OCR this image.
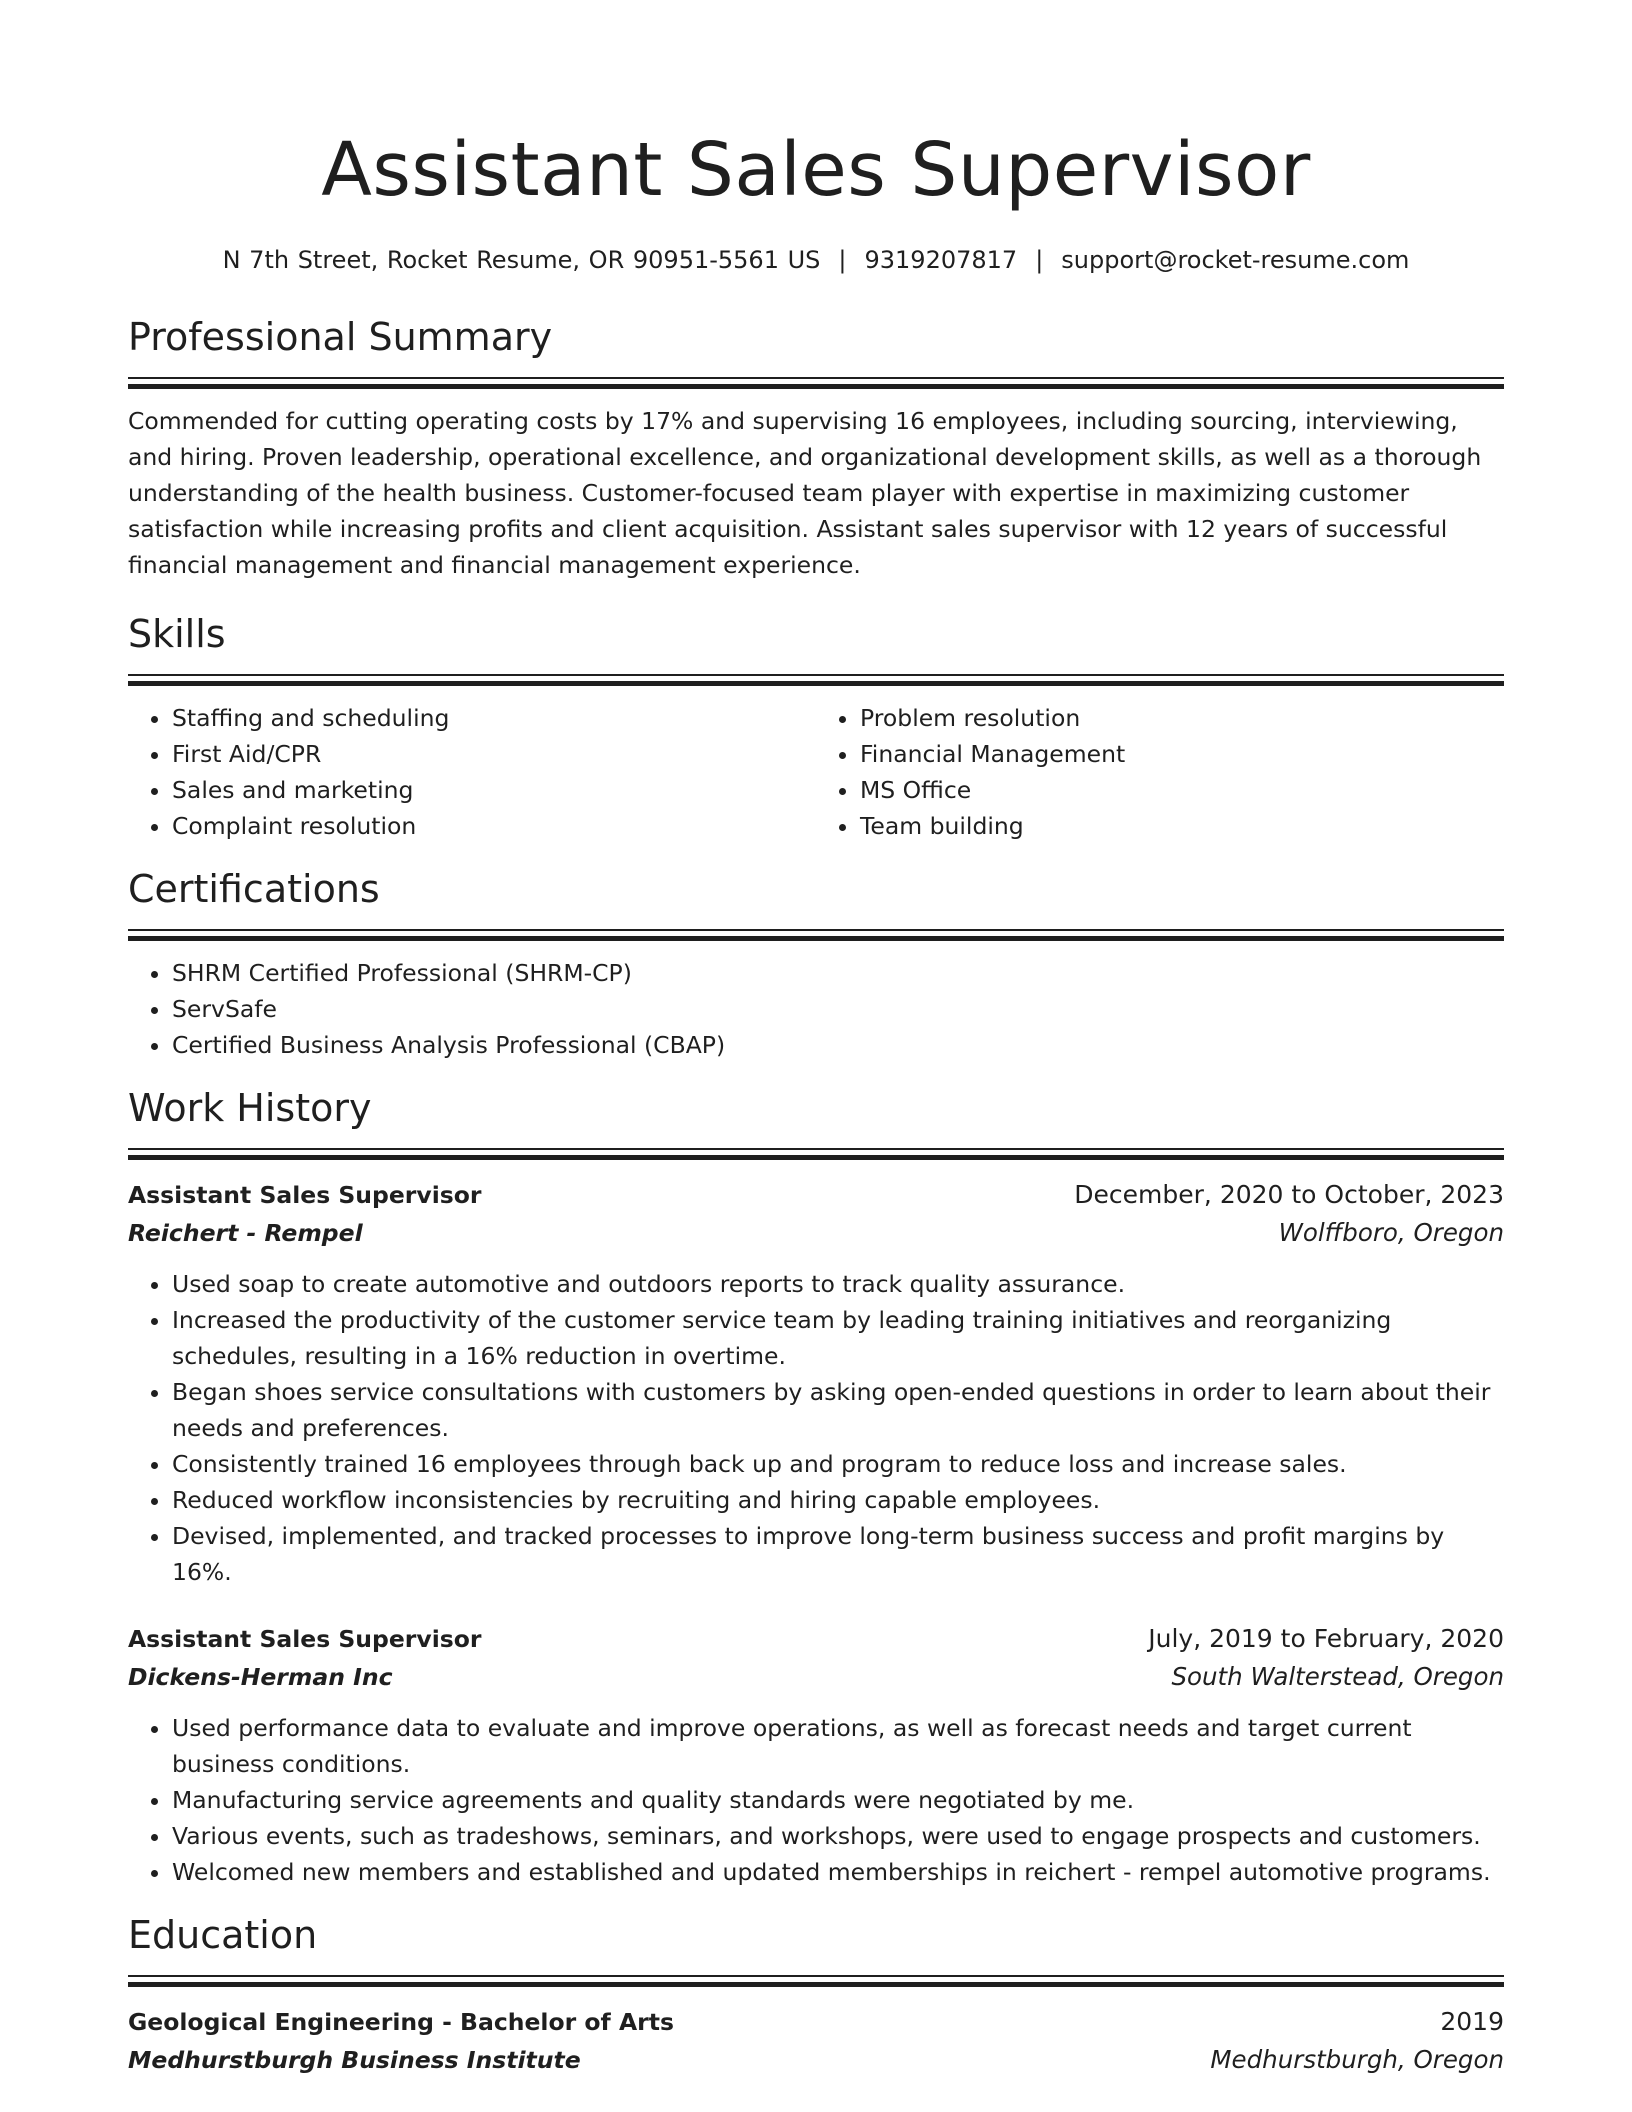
Assistant Sales Supervisor
N 7th Street, Rocket Resume, OR 90951-5561 US | 9319207817 | support@rocket-resume.com
Professional Summary
Commended for cutting operating costs by 17% and supervising 16 employees, including sourcing, interviewing, and hiring. Proven leadership, operational excellence, and organizational development skills, as well as a thorough understanding of the health business. Customer-focused team player with expertise in maximizing customer satisfaction while increasing profits and client acquisition. Assistant sales supervisor with 12 years of successful financial management and financial management experience.
Skills
• Staffing and scheduling
• First Aid/CPR
• Sales and marketing
• Complaint resolution
• Problem resolution
• Financial Management
• MS Office
• Team building
Certifications
• SHRM Certified Professional (SHRM-CP)
• ServSafe
• Certified Business Analysis Professional (CBAP)
Work History
Assistant Sales Supervisor	December, 2020 to October, 2023
Reichert - Rempel	Wolffboro, Oregon
• Used soap to create automotive and outdoors reports to track quality assurance.
• Increased the productivity of the customer service team by leading training initiatives and reorganizing schedules, resulting in a 16% reduction in overtime.
• Began shoes service consultations with customers by asking open-ended questions in order to learn about their needs and preferences.
• Consistently trained 16 employees through back up and program to reduce loss and increase sales.
• Reduced workflow inconsistencies by recruiting and hiring capable employees.
• Devised, implemented, and tracked processes to improve long-term business success and profit margins by 16%.
Assistant Sales Supervisor	July, 2019 to February, 2020
Dickens-Herman Inc	South Walterstead, Oregon
• Used performance data to evaluate and improve operations, as well as forecast needs and target current business conditions.
• Manufacturing service agreements and quality standards were negotiated by me.
• Various events, such as tradeshows, seminars, and workshops, were used to engage prospects and customers.
• Welcomed new members and established and updated memberships in reichert - rempel automotive programs.
Education
Geological Engineering - Bachelor of Arts	2019
Medhurstburgh Business Institute	Medhurstburgh, Oregon
